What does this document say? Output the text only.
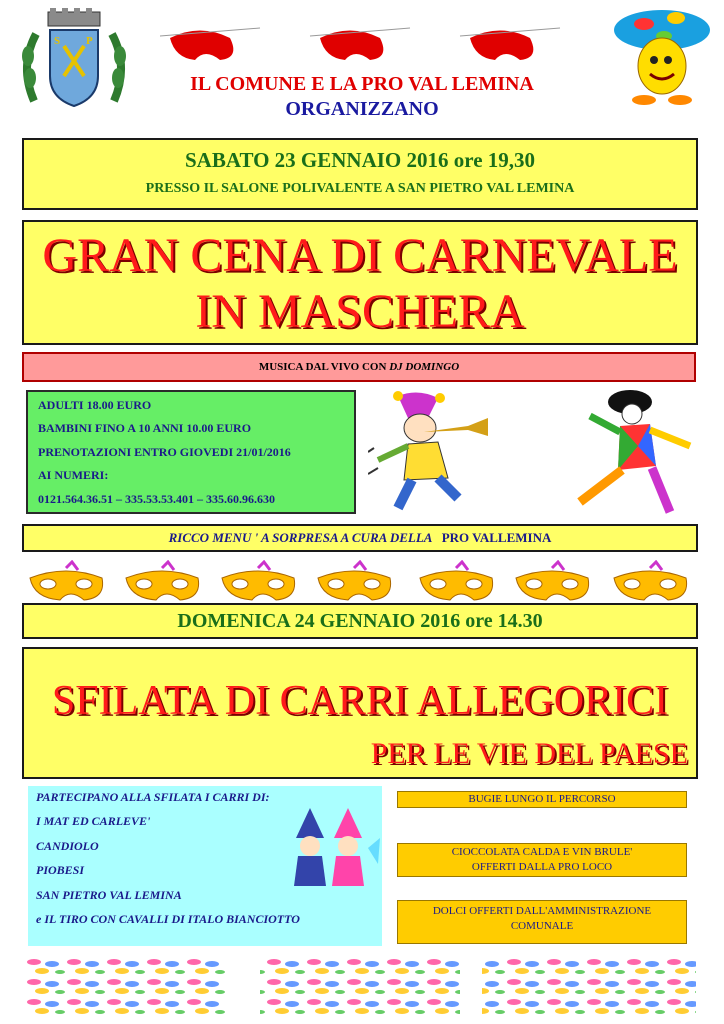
S P
IL COMUNE E LA PRO VAL LEMINA
ORGANIZZANO
SABATO 23 GENNAIO 2016 ore 19,30
PRESSO IL SALONE POLIVALENTE A SAN PIETRO VAL LEMINA
GRAN CENA DI CARNEVALE
IN MASCHERA
MUSICA DAL VIVO CON DJ DOMINGO
ADULTI 18.00 EURO
BAMBINI FINO A 10 ANNI 10.00 EURO
PRENOTAZIONI ENTRO GIOVEDI 21/01/2016
AI NUMERI:
0121.564.36.51 – 335.53.53.401 – 335.60.96.630
RICCO MENU ' A SORPRESA A CURA DELLA PRO VALLEMINA
DOMENICA 24 GENNAIO 2016 ore 14.30
SFILATA DI CARRI ALLEGORICI
PER LE VIE DEL PAESE
PARTECIPANO ALLA SFILATA I CARRI DI:
I MAT ED CARLEVE'
CANDIOLO
PIOBESI
SAN PIETRO VAL LEMINA
e IL TIRO CON CAVALLI DI ITALO BIANCIOTTO
BUGIE LUNGO IL PERCORSO
CIOCCOLATA CALDA E VIN BRULE'
OFFERTI DALLA PRO LOCO
DOLCI OFFERTI DALL'AMMINISTRAZIONE
COMUNALE
